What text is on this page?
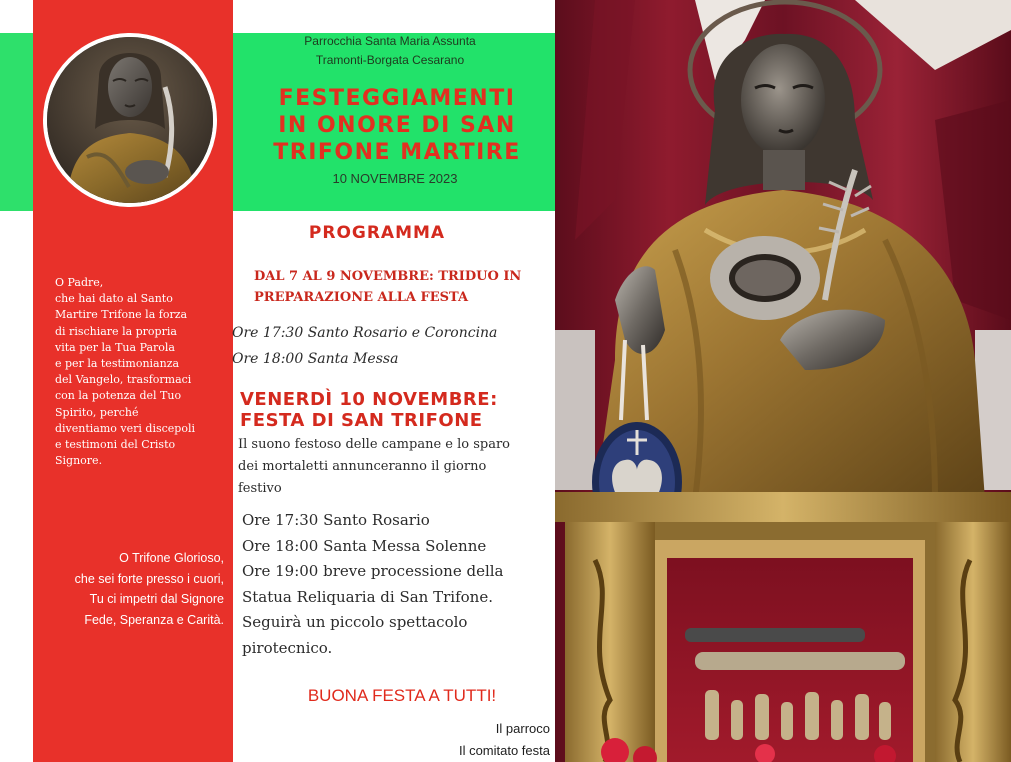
Parrocchia Santa Maria Assunta
Tramonti-Borgata Cesarano
FESTEGGIAMENTI
IN ONORE DI SAN
TRIFONE MARTIRE
10 NOVEMBRE 2023
PROGRAMMA
DAL 7 AL 9 NOVEMBRE: TRIDUO IN
PREPARAZIONE ALLA FESTA
Ore 17:30 Santo Rosario e Coroncina
Ore 18:00 Santa Messa
VENERDÌ 10 NOVEMBRE:
FESTA DI SAN TRIFONE
Il suono festoso delle campane e lo sparo
dei mortaletti annunceranno il giorno
festivo
Ore 17:30 Santo Rosario
Ore 18:00 Santa Messa Solenne
Ore 19:00 breve processione della
Statua Reliquaria di San Trifone.
Seguirà un piccolo spettacolo
pirotecnico.
BUONA FESTA A TUTTI!
Il parroco
Il comitato festa
O Padre,
che hai dato al Santo
Martire Trifone la forza
di rischiare la propria
vita per la Tua Parola
e per la testimonianza
del Vangelo, trasformaci
con la potenza del Tuo
Spirito, perché
diventiamo veri discepoli
e testimoni del Cristo
Signore.
O Trifone Glorioso,
che sei forte presso i cuori,
Tu ci impetri dal Signore
Fede, Speranza e Carità.
